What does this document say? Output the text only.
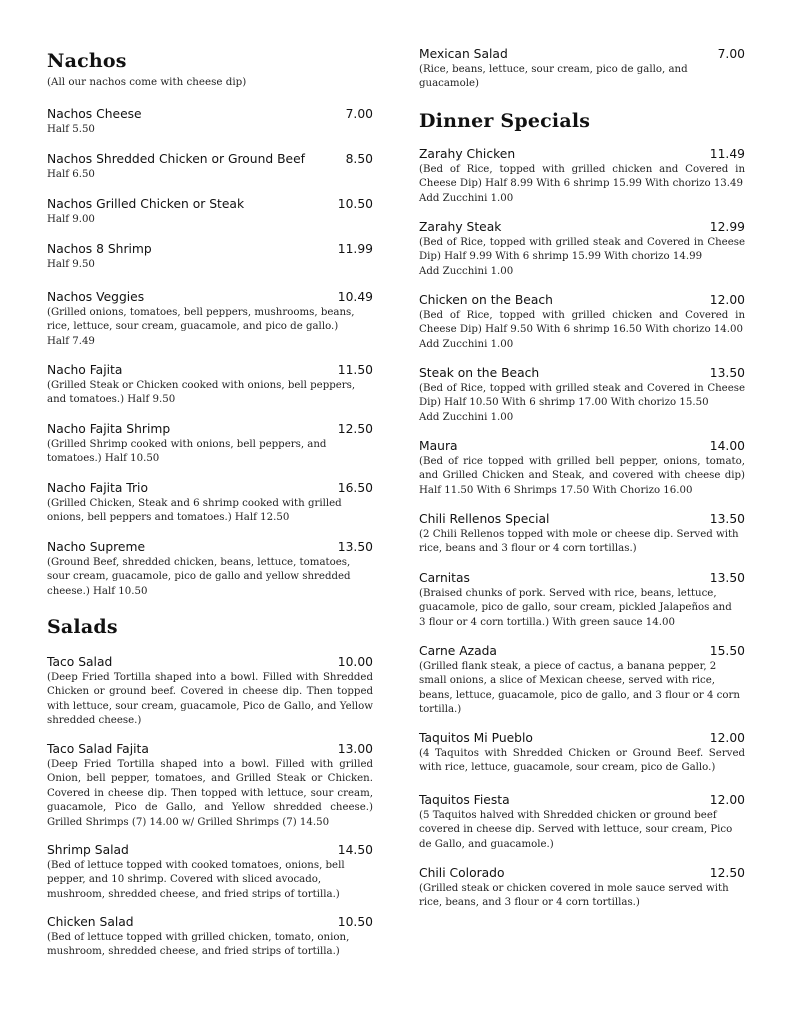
Nachos
(All our nachos come with cheese dip)
Salads
Nachos Cheese	7.00
Half 5.50
Nachos Shredded Chicken or Ground Beef	8.50
Half 6.50
Nachos Grilled Chicken or Steak	10.50
Half 9.00
Nachos 8 Shrimp	11.99
Half 9.50
Nachos Veggies	10.49
(Grilled onions, tomatoes, bell peppers, mushrooms, beans,
rice, lettuce, sour cream, guacamole, and pico de gallo.)
Half 7.49
Nacho Fajita	11.50
(Grilled Steak or Chicken cooked with onions, bell peppers,
and tomatoes.) Half 9.50
Nacho Fajita Shrimp	12.50
(Grilled Shrimp cooked with onions, bell peppers, and
tomatoes.) Half 10.50
Nacho Fajita Trio	16.50
(Grilled Chicken, Steak and 6 shrimp cooked with grilled
onions, bell peppers and tomatoes.) Half 12.50
Nacho Supreme	13.50
(Ground Beef, shredded chicken, beans, lettuce, tomatoes,
sour cream, guacamole, pico de gallo and yellow shredded
cheese.) Half 10.50
Taco Salad	10.00
(Deep Fried Tortilla shaped into a bowl. Filled with Shredded
Chicken or ground beef. Covered in cheese dip. Then topped
with lettuce, sour cream, guacamole, Pico de Gallo, and Yellow
shredded cheese.)
Taco Salad Fajita	13.00
(Deep Fried Tortilla shaped into a bowl. Filled with grilled
Onion, bell pepper, tomatoes, and Grilled Steak or Chicken.
Covered in cheese dip. Then topped with lettuce, sour cream,
guacamole, Pico de Gallo, and Yellow shredded cheese.)
Grilled Shrimps (7) 14.00 w/ Grilled Shrimps (7) 14.50
Shrimp Salad	14.50
(Bed of lettuce topped with cooked tomatoes, onions, bell
pepper, and 10 shrimp. Covered with sliced avocado,
mushroom, shredded cheese, and fried strips of tortilla.)
Chicken Salad	10.50
(Bed of lettuce topped with grilled chicken, tomato, onion,
mushroom, shredded cheese, and fried strips of tortilla.)
Dinner Specials
Mexican Salad	7.00
(Rice, beans, lettuce, sour cream, pico de gallo, and
guacamole)
Zarahy Chicken	11.49
(Bed of Rice, topped with grilled chicken and Covered in
Cheese Dip) Half 8.99 With 6 shrimp 15.99 With chorizo 13.49
Add Zucchini 1.00
Zarahy Steak	12.99
(Bed of Rice, topped with grilled steak and Covered in Cheese
Dip) Half 9.99 With 6 shrimp 15.99 With chorizo 14.99
Add Zucchini 1.00
Chicken on the Beach	12.00
(Bed of Rice, topped with grilled chicken and Covered in
Cheese Dip) Half 9.50 With 6 shrimp 16.50 With chorizo 14.00
Add Zucchini 1.00
Steak on the Beach	13.50
(Bed of Rice, topped with grilled steak and Covered in Cheese
Dip) Half 10.50 With 6 shrimp 17.00 With chorizo 15.50
Add Zucchini 1.00
Maura	14.00
(Bed of rice topped with grilled bell pepper, onions, tomato,
and Grilled Chicken and Steak, and covered with cheese dip)
Half 11.50 With 6 Shrimps 17.50 With Chorizo 16.00
Chili Rellenos Special	13.50
(2 Chili Rellenos topped with mole or cheese dip. Served with
rice, beans and 3 flour or 4 corn tortillas.)
Carnitas	13.50
(Braised chunks of pork. Served with rice, beans, lettuce,
guacamole, pico de gallo, sour cream, pickled Jalapeños and
3 flour or 4 corn tortilla.) With green sauce 14.00
Carne Azada	15.50
(Grilled flank steak, a piece of cactus, a banana pepper, 2
small onions, a slice of Mexican cheese, served with rice,
beans, lettuce, guacamole, pico de gallo, and 3 flour or 4 corn
tortilla.)
Taquitos Mi Pueblo	12.00
(4 Taquitos with Shredded Chicken or Ground Beef. Served
with rice, lettuce, guacamole, sour cream, pico de Gallo.)
Taquitos Fiesta	12.00
(5 Taquitos halved with Shredded chicken or ground beef
covered in cheese dip. Served with lettuce, sour cream, Pico
de Gallo, and guacamole.)
Chili Colorado	12.50
(Grilled steak or chicken covered in mole sauce served with
rice, beans, and 3 flour or 4 corn tortillas.)
